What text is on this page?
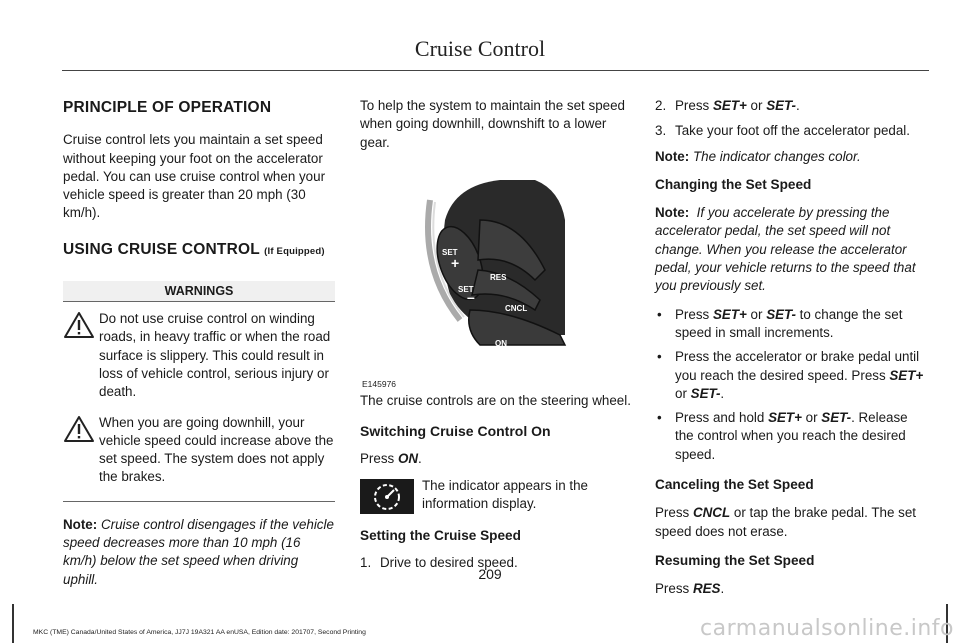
Cruise Control
PRINCIPLE OF OPERATION

Cruise control lets you maintain a set speed without keeping your foot on the accelerator pedal. You can use cruise control when your vehicle speed is greater than 20 mph (30 km/h).

USING CRUISE CONTROL (If Equipped)
WARNINGS
Do not use cruise control on winding roads, in heavy traffic or when the road surface is slippery. This could result in loss of vehicle control, serious injury or death.
When you are going downhill, your vehicle speed could increase above the set speed. The system does not apply the brakes.

Note: Cruise control disengages if the vehicle speed decreases more than 10 mph (16 km/h) below the set speed when driving uphill.

To help the system to maintain the set speed when going downhill, downshift to a lower gear.

SET
+
SET
–
RES
CNCL
ON
OFF
E145976

The cruise controls are on the steering wheel.

Switching Cruise Control On

Press ON.

The indicator appears in the information display.
Setting the Cruise Speed
1. Drive to desired speed.
2. Press SET+ or SET-.
3. Take your foot off the accelerator pedal.

Note: The indicator changes color.

Changing the Set Speed

Note: If you accelerate by pressing the accelerator pedal, the set speed will not change. When you release the accelerator pedal, your vehicle returns to the speed that you previously set.

• Press SET+ or SET- to change the set speed in small increments.
• Press the accelerator or brake pedal until you reach the desired speed. Press SET+ or SET-.
• Press and hold SET+ or SET-. Release the control when you reach the desired speed.
Canceling the Set Speed

Press CNCL or tap the brake pedal. The set speed does not erase.

Resuming the Set Speed

Press RES.

209
MKC (TME) Canada/United States of America, JJ7J 19A321 AA enUSA, Edition date: 201707, Second Printing	carmanualsonline.info
